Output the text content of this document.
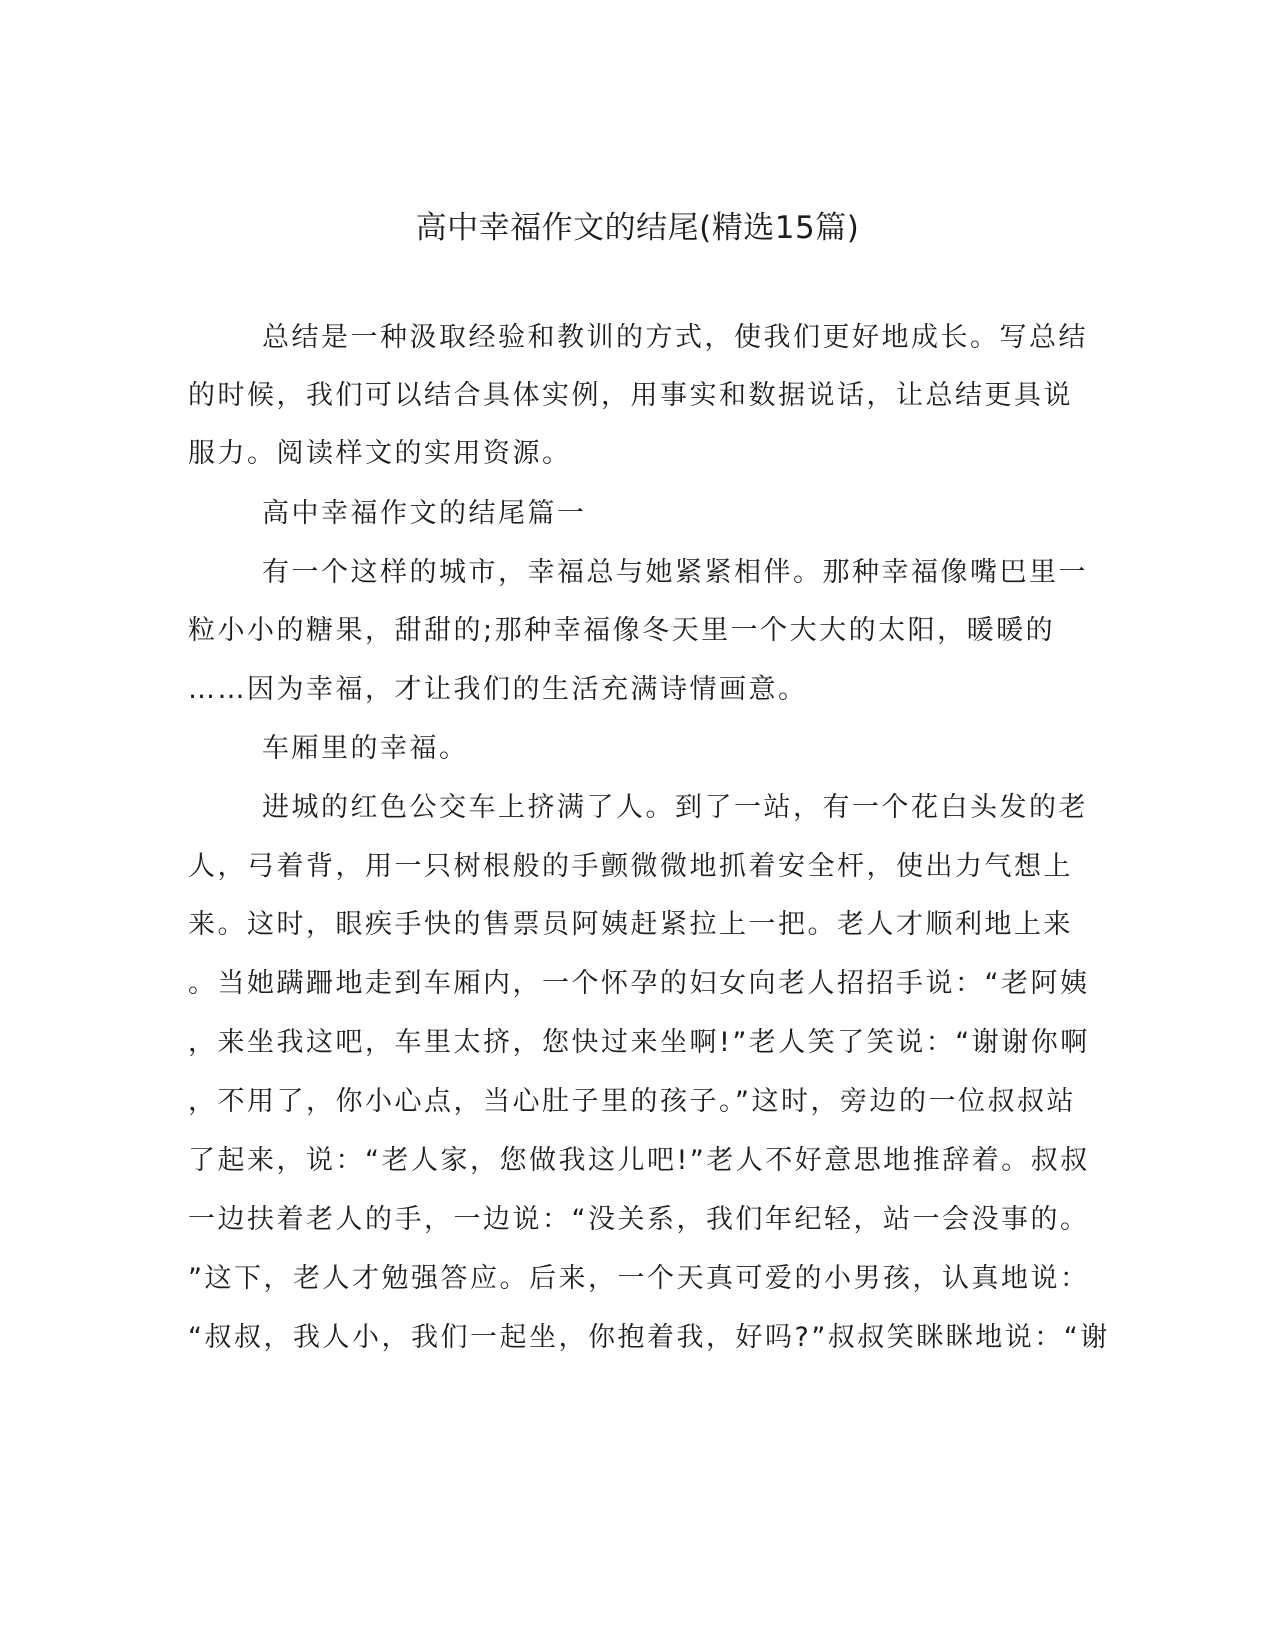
高中幸福作文的结尾(精选15篇)
总结是一种汲取经验和教训的方式，使我们更好地成长。写总结
的时候，我们可以结合具体实例，用事实和数据说话，让总结更具说
服力。阅读样文的实用资源。
高中幸福作文的结尾篇一
有一个这样的城市，幸福总与她紧紧相伴。那种幸福像嘴巴里一
粒小小的糖果，甜甜的;那种幸福像冬天里一个大大的太阳，暖暖的
……因为幸福，才让我们的生活充满诗情画意。
车厢里的幸福。
进城的红色公交车上挤满了人。到了一站，有一个花白头发的老
人，弓着背，用一只树根般的手颤微微地抓着安全杆，使出力气想上
来。这时，眼疾手快的售票员阿姨赶紧拉上一把。老人才顺利地上来
。当她蹒跚地走到车厢内，一个怀孕的妇女向老人招招手说：“老阿姨
，来坐我这吧，车里太挤，您快过来坐啊!”老人笑了笑说：“谢谢你啊
，不用了，你小心点，当心肚子里的孩子。”这时，旁边的一位叔叔站
了起来，说：“老人家，您做我这儿吧!”老人不好意思地推辞着。叔叔
一边扶着老人的手，一边说：“没关系，我们年纪轻，站一会没事的。
”这下，老人才勉强答应。后来，一个天真可爱的小男孩，认真地说：
“叔叔，我人小，我们一起坐，你抱着我，好吗?”叔叔笑眯眯地说：“谢
